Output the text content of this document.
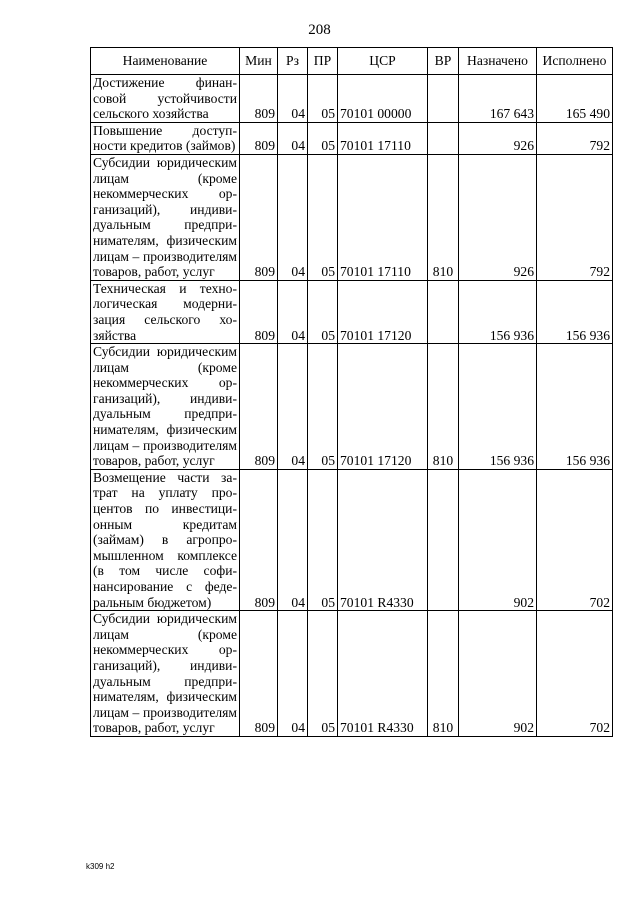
208
Наименование	Мин	Рз	ПР	ЦСР	ВР	Назначено	Исполнено
Достижение финансовой устойчивости сельского хозяйства	809	04	05	70101 00000		167 643	165 490
Повышение доступности кредитов (займов)	809	04	05	70101 17110		926	792
Субсидии юридическим лицам (кроме некоммерческих организаций), индивидуальным предпринимателям, физическим лицам – производителям товаров, работ, услуг	809	04	05	70101 17110	810	926	792
Техническая и технологическая модернизация сельского хозяйства	809	04	05	70101 17120		156 936	156 936
Субсидии юридическим лицам (кроме некоммерческих организаций), индивидуальным предпринимателям, физическим лицам – производителям товаров, работ, услуг	809	04	05	70101 17120	810	156 936	156 936
Возмещение части затрат на уплату процентов по инвестиционным кредитам (займам) в агропромышленном комплексе (в том числе софинансирование с федеральным бюджетом)	809	04	05	70101 R4330		902	702
Субсидии юридическим лицам (кроме некоммерческих организаций), индивидуальным предпринимателям, физическим лицам – производителям товаров, работ, услуг	809	04	05	70101 R4330	810	902	702
k309 h2
